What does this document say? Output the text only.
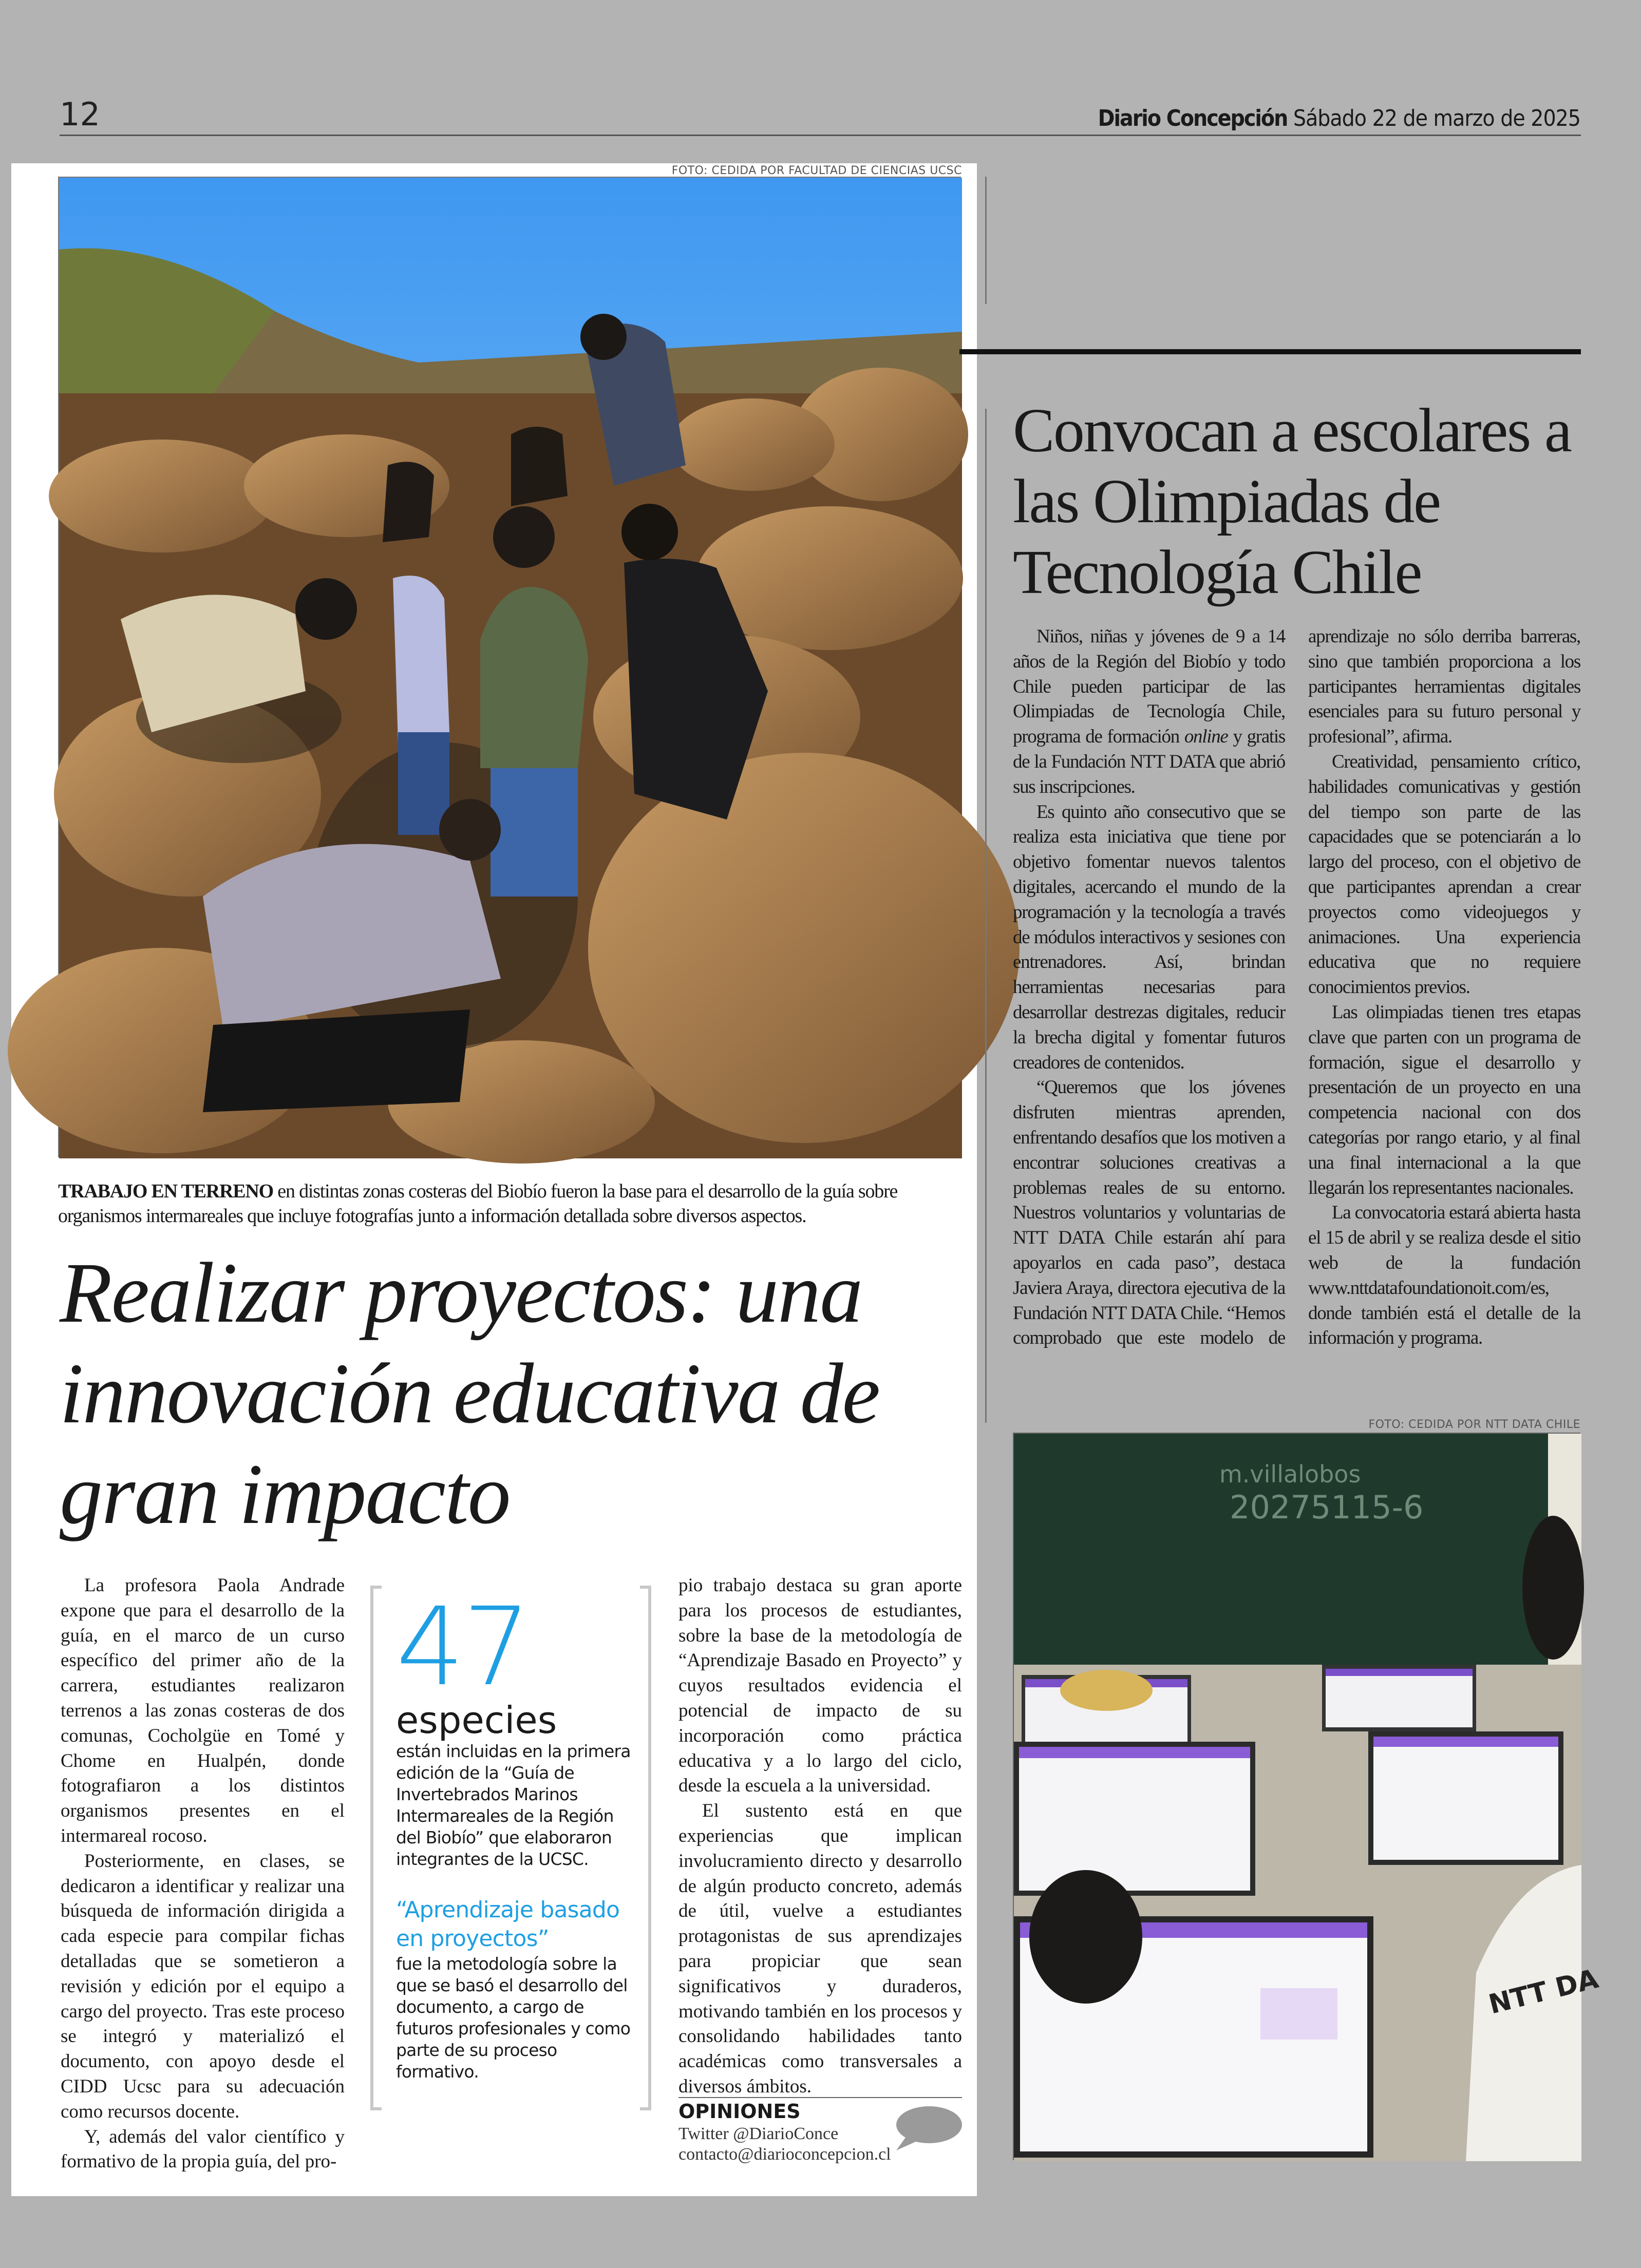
12	Diario Concepción Sábado 22 de marzo de 2025
FOTO: CEDIDA POR FACULTAD DE CIENCIAS UCSC
TRABAJO EN TERRENO en distintas zonas costeras del Biobío fueron la base para el desarrollo de la guía sobre organismos intermareales que incluye fotografías junto a información detallada sobre diversos aspectos.
Realizar proyectos: una innovación educativa de gran impacto

La profesora Paola Andrade expone que para el desarrollo de la guía, en el marco de un curso específico del primer año de la carrera, estudiantes realizaron terrenos a las zonas costeras de dos comunas, Cocholgüe en Tomé y Chome en Hualpén, donde fotografiaron a los distintos organismos presentes en el intermareal rocoso.

Posteriormente, en clases, se dedicaron a identificar y realizar una búsqueda de información dirigida a cada especie para compilar fichas detalladas que se sometieron a revisión y edición por el equipo a cargo del proyecto. Tras este proceso se integró y materializó el documento, con apoyo desde el CIDD Ucsc para su adecuación como recursos docente.

Y, además del valor científico y formativo de la propia guía, del pro-

47
especies
están incluidas en la primera edición de la “Guía de Invertebrados Marinos Intermareales de la Región del Biobío” que elaboraron integrantes de la UCSC.
“Aprendizaje basado en proyectos”
fue la metodología sobre la que se basó el desarrollo del documento, a cargo de futuros profesionales y como parte de su proceso formativo.

pio trabajo destaca su gran aporte para los procesos de estudiantes, sobre la base de la metodología de “Aprendizaje Basado en Proyecto” y cuyos resultados evidencia el potencial de impacto de su incorporación como práctica educativa y a lo largo del ciclo, desde la escuela a la universidad.

El sustento está en que experiencias que implican involucramiento directo y desarrollo de algún producto concreto, además de útil, vuelve a estudiantes protagonistas de sus aprendizajes para propiciar que sean significativos y duraderos, motivando también en los procesos y consolidando habilidades tanto académicas como transversales a diversos ámbitos.

OPINIONES
Twitter @DiarioConce
contacto@diarioconcepcion.cl
Convocan a escolares a las Olimpiadas de Tecnología Chile

Niños, niñas y jóvenes de 9 a 14 años de la Región del Biobío y todo Chile pueden participar de las Olimpiadas de Tecnología Chile, programa de formación online y gratis de la Fundación NTT DATA que abrió sus inscripciones.

Es quinto año consecutivo que se realiza esta iniciativa que tiene por objetivo fomentar nuevos talentos digitales, acercando el mundo de la programación y la tecnología a través de módulos interactivos y sesiones con entrenadores. Así, brindan herramientas necesarias para desarrollar destrezas digitales, reducir la brecha digital y fomentar futuros creadores de contenidos.

“Queremos que los jóvenes disfruten mientras aprenden, enfrentando desafíos que los motiven a encontrar soluciones creativas a problemas reales de su entorno. Nuestros voluntarios y voluntarias de NTT DATA Chile estarán ahí para apoyarlos en cada paso”, destaca Javiera Araya, directora ejecutiva de la Fundación NTT DATA Chile. “Hemos comprobado que este modelo de aprendizaje no sólo derriba barreras, sino que también proporciona a los participantes herramientas digitales esenciales para su futuro personal y profesional”, afirma.

Creatividad, pensamiento crítico, habilidades comunicativas y gestión del tiempo son parte de las capacidades que se potenciarán a lo largo del proceso, con el objetivo de que participantes aprendan a crear proyectos como videojuegos y animaciones. Una experiencia educativa que no requiere conocimientos previos.

Las olimpiadas tienen tres etapas clave que parten con un programa de formación, sigue el desarrollo y presentación de un proyecto en una competencia nacional con dos categorías por rango etario, y al final una final internacional a la que llegarán los representantes nacionales.

La convocatoria estará abierta hasta el 15 de abril y se realiza desde el sitio web de la fundación www.nttdatafoundationoit.com/es, donde también está el detalle de la información y programa.

FOTO: CEDIDA POR NTT DATA CHILE
m.villalobos
20275115-6
NTT DA
